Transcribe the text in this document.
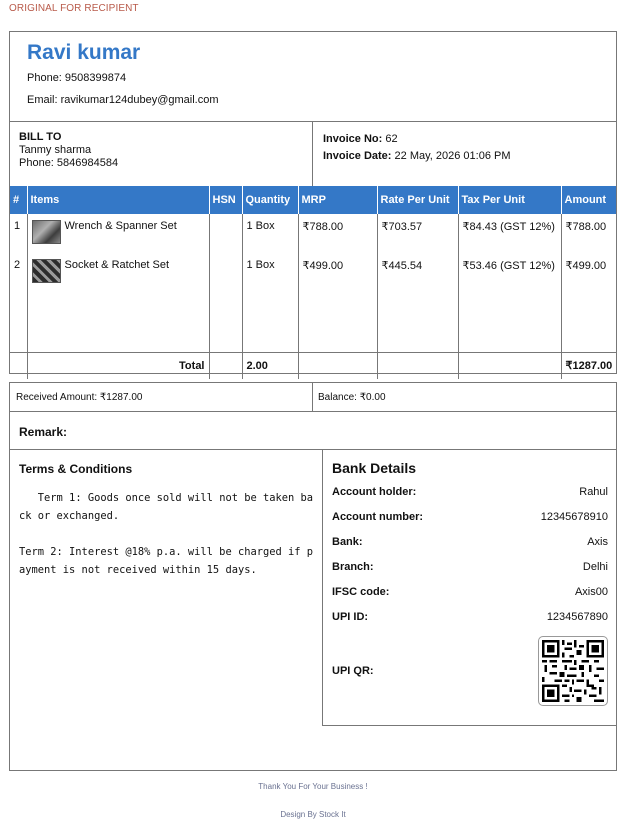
ORIGINAL FOR RECIPIENT
Ravi kumar
Phone: 9508399874
Email: ravikumar124dubey@gmail.com
BILL TO
Tanmy sharma
Phone: 5846984584
Invoice No: 62
Invoice Date: 22 May, 2026 01:06 PM
#	Items	HSN	Quantity	MRP	Rate Per Unit	Tax Per Unit	Amount
1	Wrench & Spanner Set		1 Box	₹788.00	₹703.57	₹84.43 (GST 12%)	₹788.00
2	Socket & Ratchet Set		1 Box	₹499.00	₹445.54	₹53.46 (GST 12%)	₹499.00

	Total		2.00				₹1287.00
Received Amount: ₹1287.00	Balance: ₹0.00
Remark:
Terms & Conditions
Term 1: Goods once sold will not be taken back or exchanged.
Term 2: Interest @18% p.a. will be charged if payment is not received within 15 days.
Bank Details
Account holder:	Rahul
Account number:	12345678910
Bank:	Axis
Branch:	Delhi
IFSC code:	Axis00
UPI ID:	1234567890
UPI QR:
Thank You For Your Business !
Design By Stock It
